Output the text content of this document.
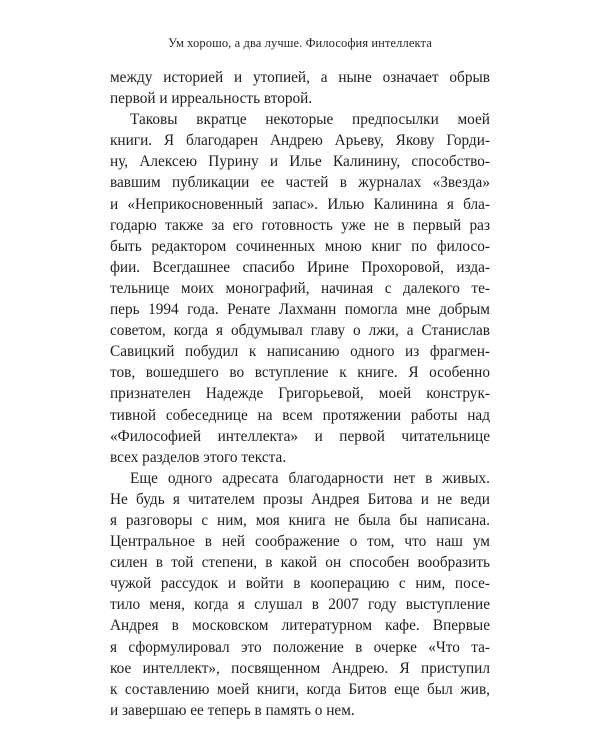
Ум хорошо, а два лучше. Философия интеллекта
между историей и утопией, а ныне означает обрыв
первой и ирреальность второй.
Таковы вкратце некоторые предпосылки моей
книги. Я благодарен Андрею Арьеву, Якову Горди-
ну, Алексею Пурину и Илье Калинину, способство-
вавшим публикации ее частей в журналах «Звезда»
и «Неприкосновенный запас». Илью Калинина я бла-
годарю также за его готовность уже не в первый раз
быть редактором сочиненных мною книг по филосо-
фии. Всегдашнее спасибо Ирине Прохоровой, изда-
тельнице моих монографий, начиная с далекого те-
перь 1994 года. Ренате Лахманн помогла мне добрым
советом, когда я обдумывал главу о лжи, а Станислав
Савицкий побудил к написанию одного из фрагмен-
тов, вошедшего во вступление к книге. Я особенно
признателен Надежде Григорьевой, моей конструк-
тивной собеседнице на всем протяжении работы над
«Философией интеллекта» и первой читательнице
всех разделов этого текста.
Еще одного адресата благодарности нет в живых.
Не будь я читателем прозы Андрея Битова и не веди
я разговоры с ним, моя книга не была бы написана.
Центральное в ней соображение о том, что наш ум
силен в той степени, в какой он способен вообразить
чужой рассудок и войти в кооперацию с ним, посе-
тило меня, когда я слушал в 2007 году выступление
Андрея в московском литературном кафе. Впервые
я сформулировал это положение в очерке «Что та-
кое интеллект», посвященном Андрею. Я приступил
к составлению моей книги, когда Битов еще был жив,
и завершаю ее теперь в память о нем.
